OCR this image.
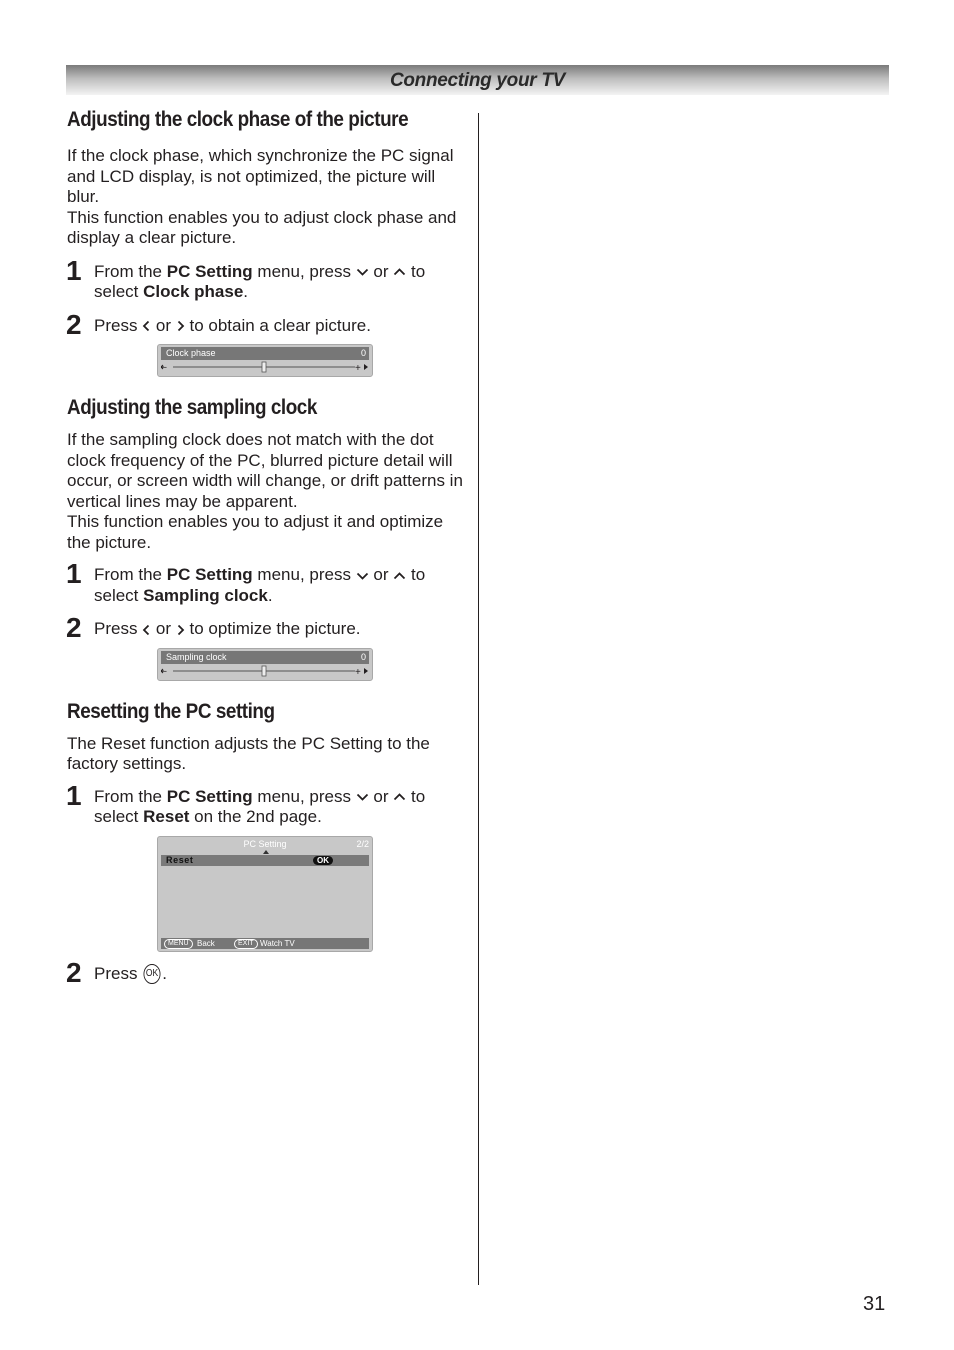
Connecting your TV
Adjusting the clock phase of the picture

If the clock phase, which synchronize the PC signal and LCD display, is not optimized, the picture will blur.

This function enables you to adjust clock phase and display a clear picture.

1 From the PC Setting menu, press
or
to select Clock phase.
2 Press
or
to obtain a clear picture.
Clock phase	0
–	+
Adjusting the sampling clock

If the sampling clock does not match with the dot clock frequency of the PC, blurred picture detail will occur, or screen width will change, or drift patterns in vertical lines may be apparent.

This function enables you to adjust it and optimize the picture.

1 From the PC Setting menu, press
or
to select Sampling clock.
2 Press
or
to optimize the picture.
Sampling clock	0
–	+
Resetting the PC setting

The Reset function adjusts the PC Setting to the factory settings.

1 From the PC Setting menu, press
or
to select Reset on the 2nd page.
PC Setting	2/2
Reset	OK
MENU	Back	EXIT Watch TV
2 Press OK .
31
